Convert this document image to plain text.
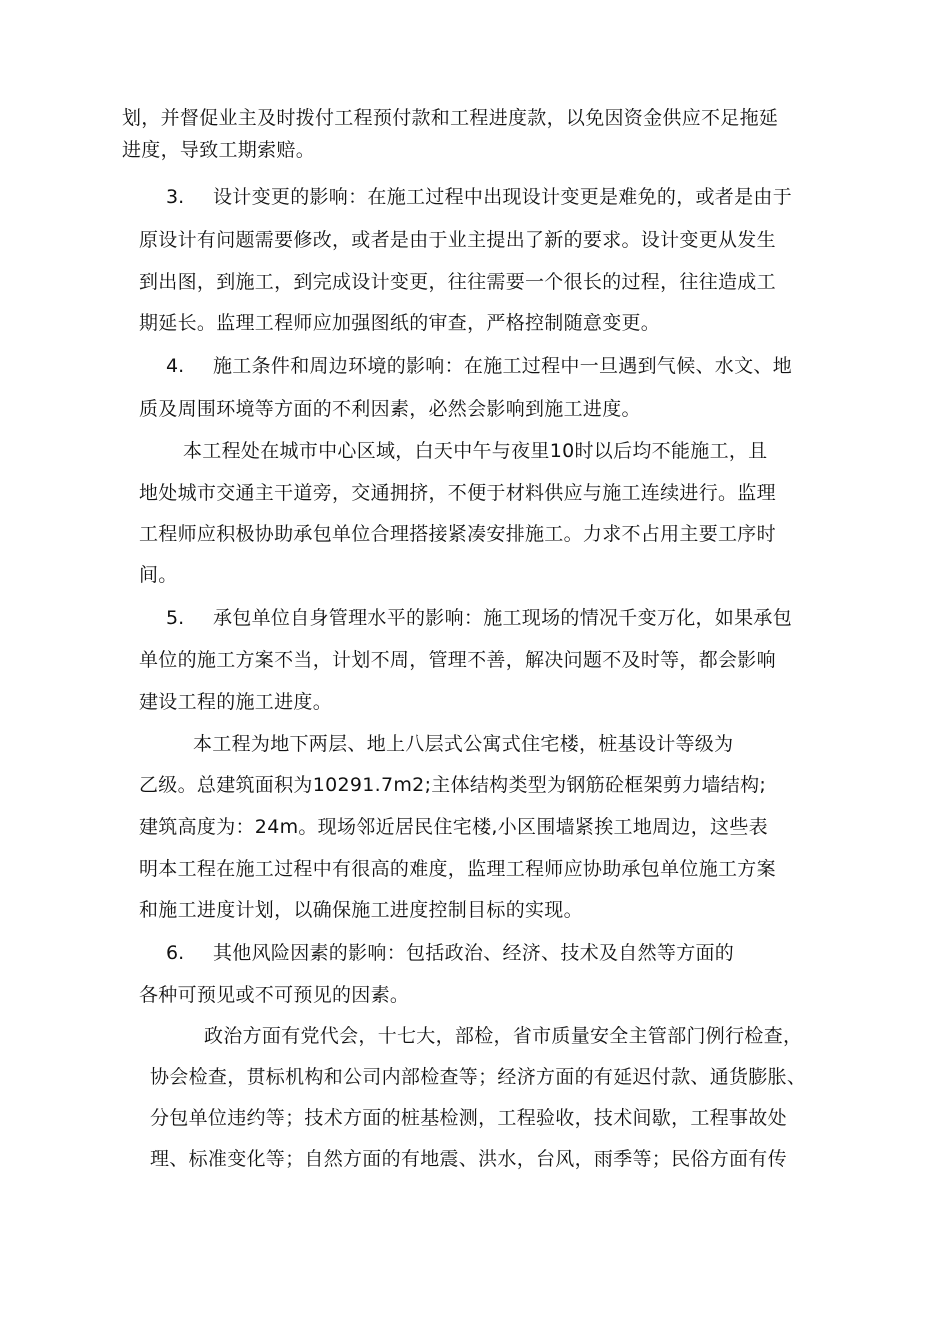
划，并督促业主及时拨付工程预付款和工程进度款，以免因资金供应不足拖延
进度，导致工期索赔。
3. 设计变更的影响：在施工过程中出现设计变更是难免的，或者是由于
原设计有问题需要修改，或者是由于业主提出了新的要求。设计变更从发生
到出图，到施工，到完成设计变更，往往需要一个很长的过程，往往造成工
期延长。监理工程师应加强图纸的审查，严格控制随意变更。
4. 施工条件和周边环境的影响：在施工过程中一旦遇到气候、水文、地
质及周围环境等方面的不利因素，必然会影响到施工进度。
本工程处在城市中心区域，白天中午与夜里10时以后均不能施工，且
地处城市交通主干道旁，交通拥挤，不便于材料供应与施工连续进行。监理
工程师应积极协助承包单位合理搭接紧凑安排施工。力求不占用主要工序时
间。
5. 承包单位自身管理水平的影响：施工现场的情况千变万化，如果承包
单位的施工方案不当，计划不周，管理不善，解决问题不及时等，都会影响
建设工程的施工进度。
本工程为地下两层、地上八层式公寓式住宅楼，桩基设计等级为
乙级。总建筑面积为10291.7m2;主体结构类型为钢筋砼框架剪力墙结构;
建筑高度为：24m。现场邻近居民住宅楼,小区围墙紧挨工地周边，这些表
明本工程在施工过程中有很高的难度，监理工程师应协助承包单位施工方案
和施工进度计划，以确保施工进度控制目标的实现。
6. 其他风险因素的影响：包括政治、经济、技术及自然等方面的
各种可预见或不可预见的因素。
政治方面有党代会，十七大，部检，省市质量安全主管部门例行检查，
协会检查，贯标机构和公司内部检查等；经济方面的有延迟付款、通货膨胀、
分包单位违约等；技术方面的桩基检测，工程验收，技术间歇，工程事故处
理、标准变化等；自然方面的有地震、洪水，台风，雨季等；民俗方面有传
